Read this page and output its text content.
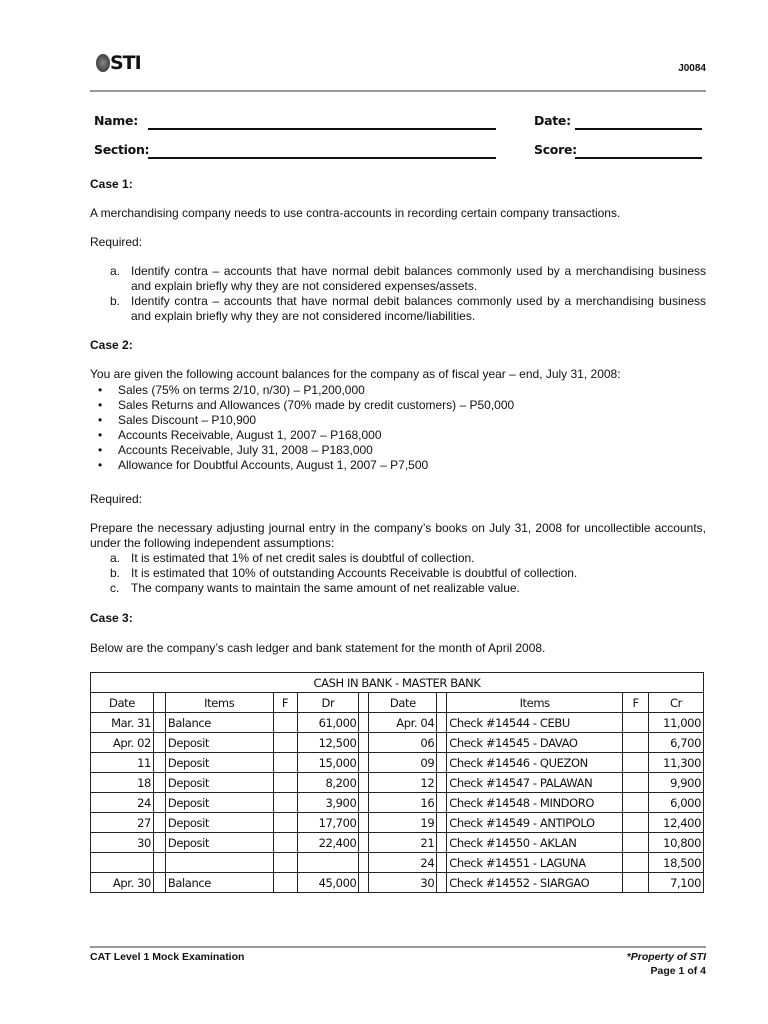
STI	J0084
Name:	Date:
Section:	Score:

Case 1:

A merchandising company needs to use contra-accounts in recording certain company transactions.

Required:

a. Identify contra – accounts that have normal debit balances commonly used by a merchandising business and explain briefly why they are not considered expenses/assets.
b. Identify contra – accounts that have normal debit balances commonly used by a merchandising business and explain briefly why they are not considered income/liabilities.

Case 2:

You are given the following account balances for the company as of fiscal year – end, July 31, 2008:

• Sales (75% on terms 2/10, n/30) – P1,200,000
• Sales Returns and Allowances (70% made by credit customers) – P50,000
• Sales Discount – P10,900
• Accounts Receivable, August 1, 2007 – P168,000
• Accounts Receivable, July 31, 2008 – P183,000
• Allowance for Doubtful Accounts, August 1, 2007 – P7,500

Required:

Prepare the necessary adjusting journal entry in the company’s books on July 31, 2008 for uncollectible accounts, under the following independent assumptions:

a. It is estimated that 1% of net credit sales is doubtful of collection.
b. It is estimated that 10% of outstanding Accounts Receivable is doubtful of collection.
c. The company wants to maintain the same amount of net realizable value.

Case 3:

Below are the company’s cash ledger and bank statement for the month of April 2008.

CASH IN BANK - MASTER BANK										
Date		Items	F	Dr		Date		Items	F	Cr
Mar. 31		Balance		61,000		Apr. 04		Check #14544 - CEBU		11,000
Apr. 02		Deposit		12,500		06		Check #14545 - DAVAO		6,700
11		Deposit		15,000		09		Check #14546 - QUEZON		11,300
18		Deposit		8,200		12		Check #14547 - PALAWAN		9,900
24		Deposit		3,900		16		Check #14548 - MINDORO		6,000
27		Deposit		17,700		19		Check #14549 - ANTIPOLO		12,400
30		Deposit		22,400		21		Check #14550 - AKLAN		10,800
						24		Check #14551 - LAGUNA		18,500
Apr. 30		Balance		45,000		30		Check #14552 - SIARGAO		7,100
CAT Level 1 Mock Examination	*Property of STI
Page 1 of 4
